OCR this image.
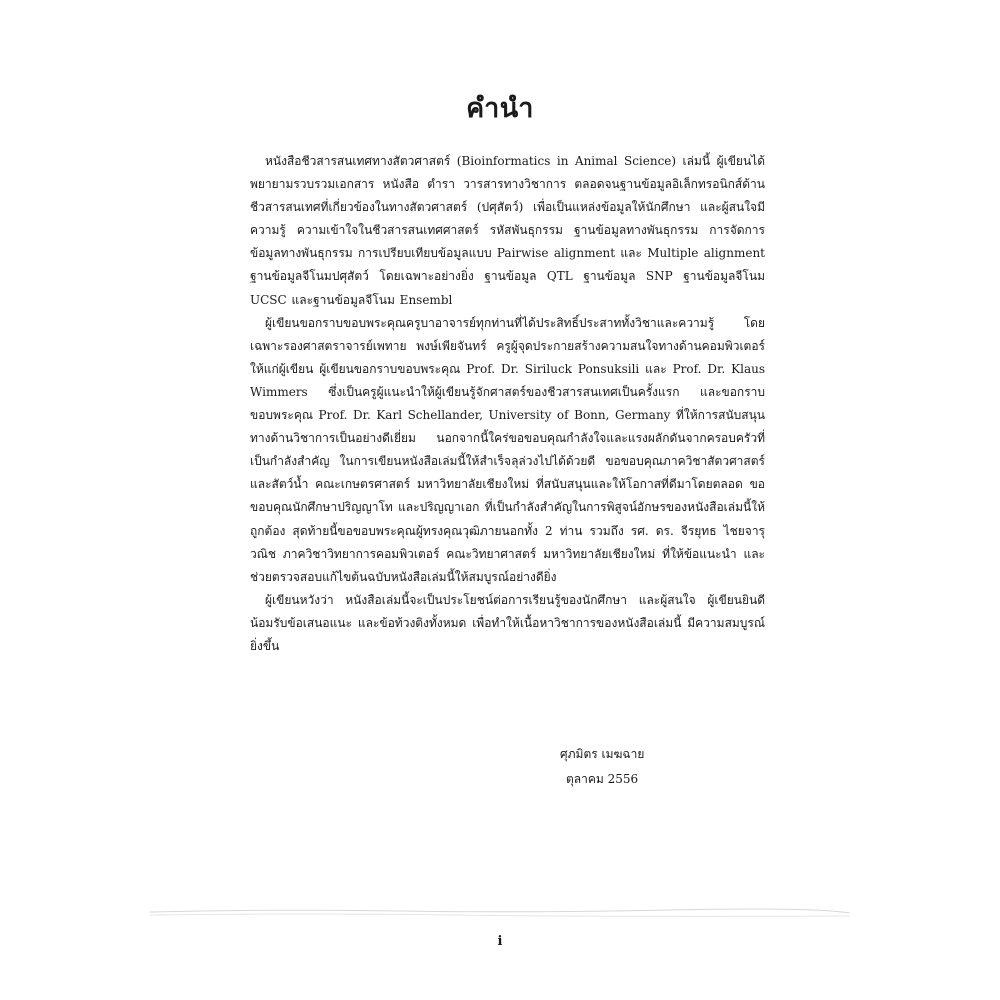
คำนำ

หนังสือชีวสารสนเทศทางสัตวศาสตร์ (Bioinformatics in Animal Science) เล่มนี้ ผู้เขียนได้พยายามรวบรวมเอกสาร หนังสือ ตำรา วารสารทางวิชาการ ตลอดจนฐานข้อมูลอิเล็กทรอนิกส์ด้านชีวสารสนเทศที่เกี่ยวข้องในทางสัตวศาสตร์ (ปศุสัตว์) เพื่อเป็นแหล่งข้อมูลให้นักศึกษา และผู้สนใจมีความรู้ ความเข้าใจในชีวสารสนเทศศาสตร์ รหัสพันธุกรรม ฐานข้อมูลทางพันธุกรรม การจัดการข้อมูลทางพันธุกรรม การเปรียบเทียบข้อมูลแบบ Pairwise alignment และ Multiple alignment ฐานข้อมูลจีโนมปศุสัตว์ โดยเฉพาะอย่างยิ่ง ฐานข้อมูล QTL ฐานข้อมูล SNP ฐานข้อมูลจีโนม UCSC และฐานข้อมูลจีโนม Ensembl

ผู้เขียนขอกราบขอบพระคุณครูบาอาจารย์ทุกท่านที่ได้ประสิทธิ์ประสาททั้งวิชาและความรู้ โดยเฉพาะรองศาสตราจารย์เพทาย พงษ์เพียจันทร์ ครูผู้จุดประกายสร้างความสนใจทางด้านคอมพิวเตอร์ให้แก่ผู้เขียน ผู้เขียนขอกราบขอบพระคุณ Prof. Dr. Siriluck Ponsuksili และ Prof. Dr. Klaus Wimmers ซึ่งเป็นครูผู้แนะนำให้ผู้เขียนรู้จักศาสตร์ของชีวสารสนเทศเป็นครั้งแรก และขอกราบขอบพระคุณ Prof. Dr. Karl Schellander, University of Bonn, Germany ที่ให้การสนับสนุนทางด้านวิชาการเป็นอย่างดีเยี่ยม นอกจากนี้ใคร่ขอขอบคุณกำลังใจและแรงผลักดันจากครอบครัวที่เป็นกำลังสำคัญ ในการเขียนหนังสือเล่มนี้ให้สำเร็จลุล่วงไปได้ด้วยดี ขอขอบคุณภาควิชาสัตวศาสตร์และสัตว์น้ำ คณะเกษตรศาสตร์ มหาวิทยาลัยเชียงใหม่ ที่สนับสนุนและให้โอกาสที่ดีมาโดยตลอด ขอขอบคุณนักศึกษาปริญญาโท และปริญญาเอก ที่เป็นกำลังสำคัญในการพิสูจน์อักษรของหนังสือเล่มนี้ให้ถูกต้อง สุดท้ายนี้ขอขอบพระคุณผู้ทรงคุณวุฒิภายนอกทั้ง 2 ท่าน รวมถึง รศ. ดร. จีรยุทธ ไชยจารุวณิช ภาควิชาวิทยาการคอมพิวเตอร์ คณะวิทยาศาสตร์ มหาวิทยาลัยเชียงใหม่ ที่ให้ข้อแนะนำ และช่วยตรวจสอบแก้ไขต้นฉบับหนังสือเล่มนี้ให้สมบูรณ์อย่างดียิ่ง

ผู้เขียนหวังว่า หนังสือเล่มนี้จะเป็นประโยชน์ต่อการเรียนรู้ของนักศึกษา และผู้สนใจ ผู้เขียนยินดีน้อมรับข้อเสนอแนะ และข้อท้วงติงทั้งหมด เพื่อทำให้เนื้อหาวิชาการของหนังสือเล่มนี้ มีความสมบูรณ์ยิ่งขึ้น

ศุภมิตร เมฆฉาย
ตุลาคม 2556
i
